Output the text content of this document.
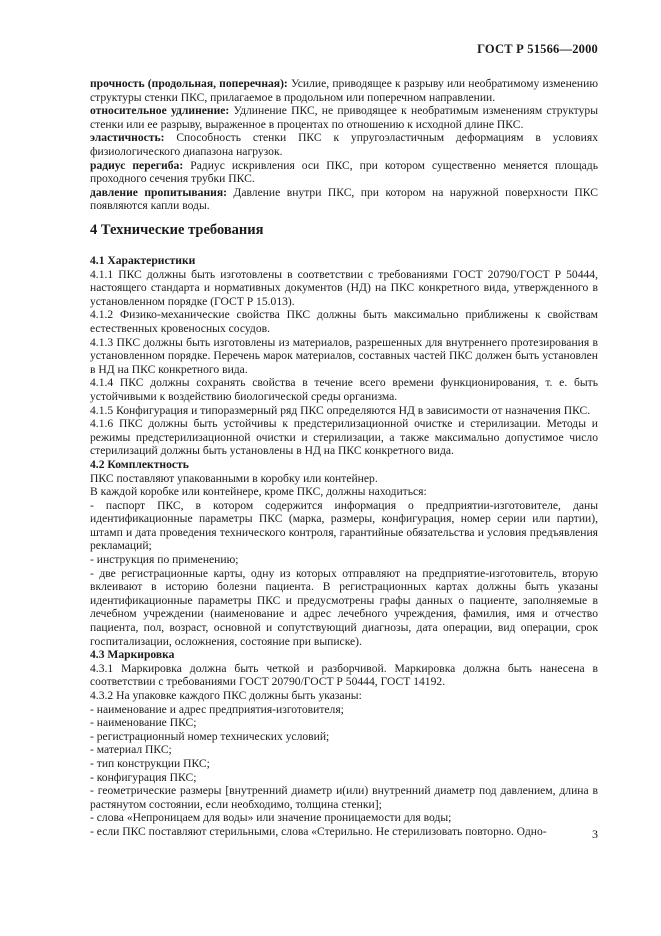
ГОСТ Р 51566—2000

прочность (продольная, поперечная): Усилие, приводящее к разрыву или необратимому изменению структуры стенки ПКС, прилагаемое в продольном или поперечном направлении.

относительное удлинение: Удлинение ПКС, не приводящее к необратимым изменениям структуры стенки или ее разрыву, выраженное в процентах по отношению к исходной длине ПКС.

эластичность: Способность стенки ПКС к упругоэластичным деформациям в условиях физиологического диапазона нагрузок.

радиус перегиба: Радиус искривления оси ПКС, при котором существенно меняется площадь проходного сечения трубки ПКС.

давление пропитывания: Давление внутри ПКС, при котором на наружной поверхности ПКС появляются капли воды.

4 Технические требования

4.1 Характеристики

4.1.1 ПКС должны быть изготовлены в соответствии с требованиями ГОСТ 20790/ГОСТ Р 50444, настоящего стандарта и нормативных документов (НД) на ПКС конкретного вида, утвержденного в установленном порядке (ГОСТ Р 15.013).

4.1.2 Физико-механические свойства ПКС должны быть максимально приближены к свойствам естественных кровеносных сосудов.

4.1.3 ПКС должны быть изготовлены из материалов, разрешенных для внутреннего протезирования в установленном порядке. Перечень марок материалов, составных частей ПКС должен быть установлен в НД на ПКС конкретного вида.

4.1.4 ПКС должны сохранять свойства в течение всего времени функционирования, т. е. быть устойчивыми к воздействию биологической среды организма.

4.1.5 Конфигурация и типоразмерный ряд ПКС определяются НД в зависимости от назначения ПКС.

4.1.6 ПКС должны быть устойчивы к предстерилизационной очистке и стерилизации. Методы и режимы предстерилизационной очистки и стерилизации, а также максимально допустимое число стерилизаций должны быть установлены в НД на ПКС конкретного вида.

4.2 Комплектность

ПКС поставляют упакованными в коробку или контейнер.

В каждой коробке или контейнере, кроме ПКС, должны находиться:

- паспорт ПКС, в котором содержится информация о предприятии-изготовителе, даны идентификационные параметры ПКС (марка, размеры, конфигурация, номер серии или партии), штамп и дата проведения технического контроля, гарантийные обязательства и условия предъявления рекламаций;

- инструкция по применению;

- две регистрационные карты, одну из которых отправляют на предприятие-изготовитель, вторую вклеивают в историю болезни пациента. В регистрационных картах должны быть указаны идентификационные параметры ПКС и предусмотрены графы данных о пациенте, заполняемые в лечебном учреждении (наименование и адрес лечебного учреждения, фамилия, имя и отчество пациента, пол, возраст, основной и сопутствующий диагнозы, дата операции, вид операции, срок госпитализации, осложнения, состояние при выписке).

4.3 Маркировка

4.3.1 Маркировка должна быть четкой и разборчивой. Маркировка должна быть нанесена в соответствии с требованиями ГОСТ 20790/ГОСТ Р 50444, ГОСТ 14192.

4.3.2 На упаковке каждого ПКС должны быть указаны:

- наименование и адрес предприятия-изготовителя;

- наименование ПКС;

- регистрационный номер технических условий;

- материал ПКС;

- тип конструкции ПКС;

- конфигурация ПКС;

- геометрические размеры [внутренний диаметр и(или) внутренний диаметр под давлением, длина в растянутом состоянии, если необходимо, толщина стенки];

- слова «Непроницаем для воды» или значение проницаемости для воды;

- если ПКС поставляют стерильными, слова «Стерильно. Не стерилизовать повторно. Одно-	3
